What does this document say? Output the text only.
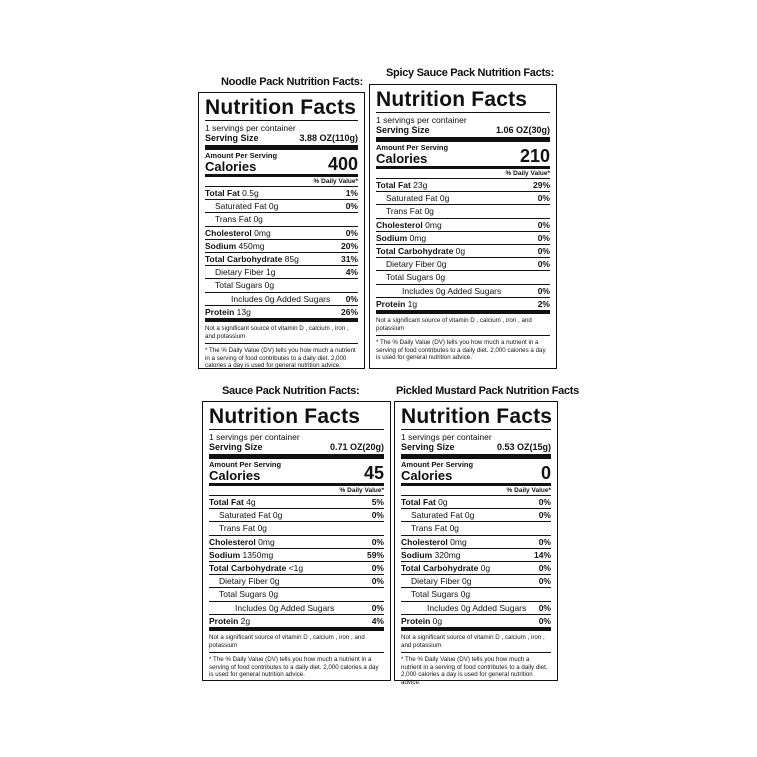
Noodle Pack Nutrition Facts:
Spicy Sauce Pack Nutrition Facts:
Sauce Pack Nutrition Facts:	Pickled Mustard Pack Nutrition Facts
Nutrition Facts
1 servings per container
Serving Size	3.88 OZ(110g)
Amount Per Serving
Calories	400
% Daily Value*
Total Fat 0.5g	1%
Saturated Fat 0g	0%
Trans Fat 0g
Cholesterol 0mg	0%
Sodium 450mg	20%
Total Carbohydrate 85g	31%
Dietary Fiber 1g	4%
Total Sugars 0g
Includes 0g Added Sugars 0%
Protein 13g	26%
Not a significant source of vitamin D , calcium , iron , and potassium
* The % Daily Value (DV) tells you how much a nutrient in a serving of food contributes to a daily diet. 2,000 calories a day is used for general nutrition advice.
Nutrition Facts
1 servings per container
Serving Size	1.06 OZ(30g)
Amount Per Serving
Calories	210
% Daily Value*
Total Fat 23g	29%
Saturated Fat 0g	0%
Trans Fat 0g
Cholesterol 0mg	0%
Sodium 0mg	0%
Total Carbohydrate 0g	0%
Dietary Fiber 0g	0%
Total Sugars 0g
Includes 0g Added Sugars	0%
Protein 1g	2%
Not a significant source of vitamin D , calcium , iron , and potassium
* The % Daily Value (DV) tells you how much a nutrient in a serving of food contributes to a daily diet. 2,000 calories a day is used for general nutrition advice.
Nutrition Facts
1 servings per container
Serving Size	0.71 OZ(20g)
Amount Per Serving
Calories	45
% Daily Value*
Total Fat 4g	5%
Saturated Fat 0g	0%
Trans Fat 0g
Cholesterol 0mg	0%
Sodium 1350mg	59%
Total Carbohydrate <1g	0%
Dietary Fiber 0g	0%
Total Sugars 0g
Includes 0g Added Sugars	0%
Protein 2g	4%
Not a significant source of vitamin D , calcium , iron , and potassium
* The % Daily Value (DV) tells you how much a nutrient in a serving of food contributes to a daily diet. 2,000 calories a day is used for general nutrition advice.
Nutrition Facts
1 servings per container
Serving Size	0.53 OZ(15g)
Amount Per Serving
Calories	0
% Daily Value*
Total Fat 0g	0%
Saturated Fat 0g	0%
Trans Fat 0g
Cholesterol 0mg	0%
Sodium 320mg	14%
Total Carbohydrate 0g	0%
Dietary Fiber 0g	0%
Total Sugars 0g
Includes 0g Added Sugars 0%
Protein 0g	0%
Not a significant source of vitamin D , calcium , iron , and potassium
* The % Daily Value (DV) tells you how much a nutrient in a serving of food contributes to a daily diet. 2,000 calories a day is used for general nutrition advice.
